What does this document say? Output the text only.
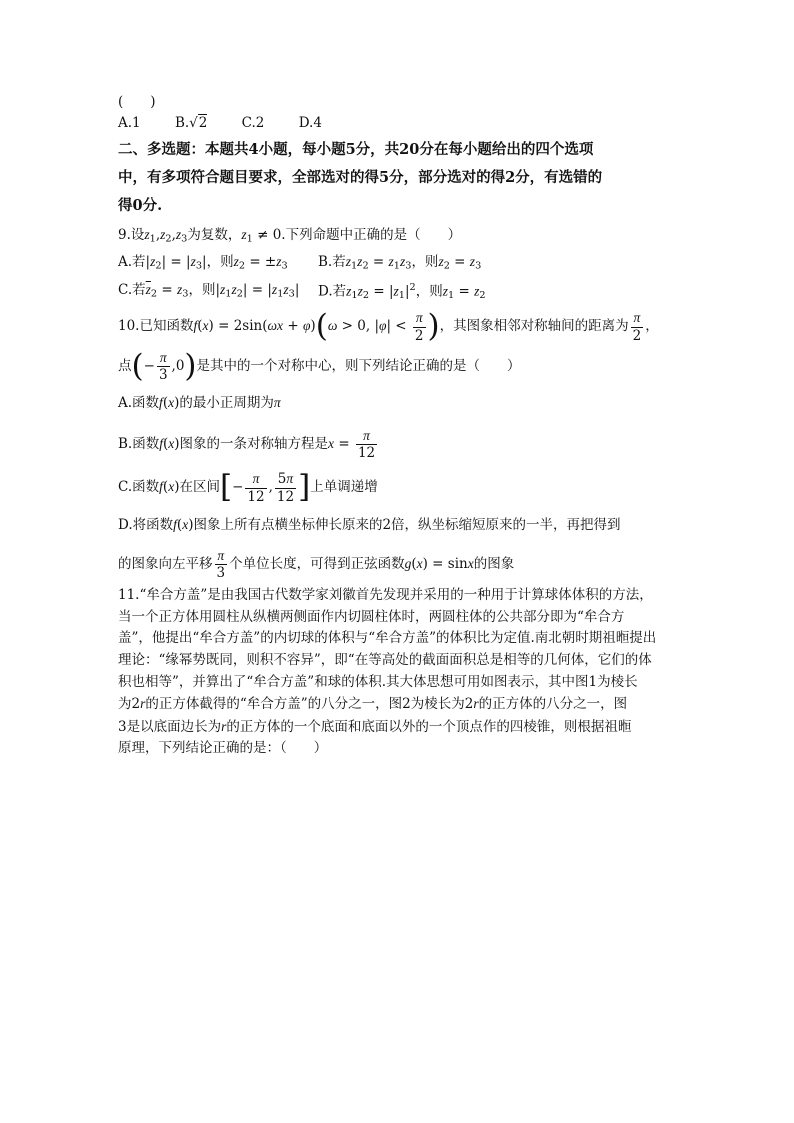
(　　)
A.1	B.√2	C.2	D.4
二、多选题：本题共4小题，每小题5分，共20分在每小题给出的四个选项
中，有多项符合题目要求，全部选对的得5分，部分选对的得2分，有选错的
得0分.
9.设$z_1,z_2,z_3$为复数，$z_1 \ne 0$.下列命题中正确的是（　　）
A.若$|z_2| = |z_3|$，则$z_2 = \pm z_3$	B.若$z_1z_2 = z_1z_3$，则$z_2 = z_3$
C.若$\overline{z}_2 = z_3$，则$|z_1z_2| = |z_1z_3|$	D.若$z_1z_2 = |z_1|^2$，则$z_1 = z_2$
10.已知函数f(x) = 2sin(ωx + φ)(ω > 0, $|\varphi| < \frac{\pi}{2}$ )，其图象相邻对称轴间的距离为 $\frac{\pi}{2}$ ，
点(− $\frac{\pi}{3} ,0$)是其中的一个对称中心，则下列结论正确的是（　　）
A.函数f(x)的最小正周期为π
B.函数f(x)图象的一条对称轴方程是$x = \frac{\pi}{12}$
C.函数f(x)在区间[− $\frac{\pi}{12}$ , $\frac{5\pi}{12}$ ]上单调递增
D.将函数f(x)图象上所有点横坐标伸长原来的2倍，纵坐标缩短原来的一半，再把得到
的图象向左平移 $\frac{\pi}{3}$ 个单位长度，可得到正弦函数g(x) = sinx的图象

11.“牟合方盖”是由我国古代数学家刘徽首先发现并采用的一种用于计算球体体积的方法，

当一个正方体用圆柱从纵横两侧面作内切圆柱体时，两圆柱体的公共部分即为“牟合方

盖”，他提出“牟合方盖”的内切球的体积与“牟合方盖”的体积比为定值.南北朝时期祖暅提出

理论：“缘幂势既同，则积不容异”，即“在等高处的截面面积总是相等的几何体，它们的体

积也相等”，并算出了“牟合方盖”和球的体积.其大体思想可用如图表示，其中图1为棱长

为2r的正方体截得的“牟合方盖”的八分之一，图2为棱长为2r的正方体的八分之一，图

3是以底面边长为r的正方体的一个底面和底面以外的一个顶点作的四棱锥，则根据祖暅

原理，下列结论正确的是：（　　）
